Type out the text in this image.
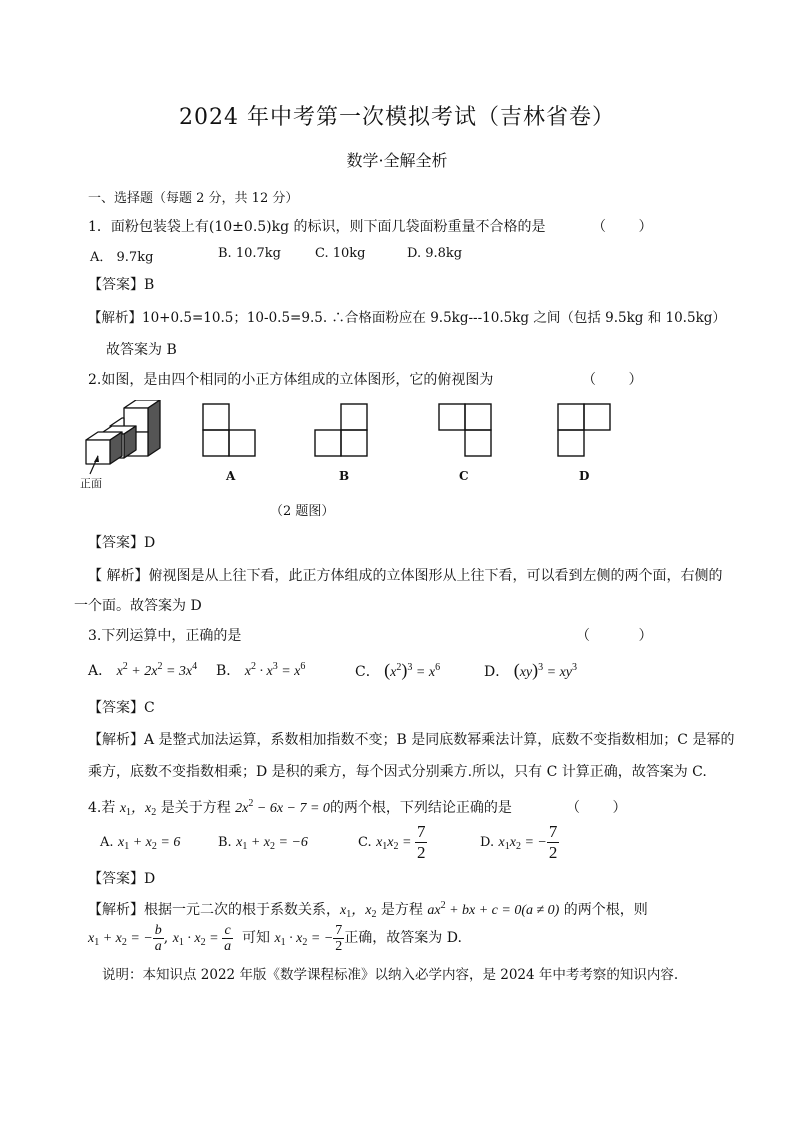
2024 年中考第一次模拟考试（吉林省卷）
数学·全解全析
一、选择题（每题 2 分，共 12 分）
1．面粉包装袋上有(10±0.5)kg 的标识，则下面几袋面粉重量不合格的是	（ ）
A． 9.7kg	B. 10.7kg	C. 10kg	D. 9.8kg
【答案】B
【解析】10+0.5=10.5；10-0.5=9.5. ∴合格面粉应在 9.5kg---10.5kg 之间（包括 9.5kg 和 10.5kg）
故答案为 B
2.如图，是由四个相同的小正方体组成的立体图形，它的俯视图为	（ ）
正面
A	B	C	D
（2 题图）
【答案】D
【 解析】俯视图是从上往下看，此正方体组成的立体图形从上往下看，可以看到左侧的两个面，右侧的
一个面。故答案为 D
3.下列运算中，正确的是	（ ）
A． $x^2 + 2x^2 = 3x^4$ B． $x^2 \cdot x^3 = x^6$	C． $(x^2)^3 = x^6$	D． $(xy)^3 = xy^3$
【答案】C
【解析】A 是整式加法运算，系数相加指数不变；B 是同底数幂乘法计算，底数不变指数相加；C 是幂的
乘方，底数不变指数相乘；D 是积的乘方，每个因式分别乘方.所以，只有 C 计算正确，故答案为 C.
4.若 $x_1$，$x_2$ 是关于方程 $2x^2 - 6x - 7 = 0$的两个根，下列结论正确的是	（ ）
A. $x_1 + x_2 = 6$	B. $x_1 + x_2 = -6$	C. $x_1x_2 = \frac{7}{2}$	D. $x_1x_2$ = − $\frac{7}{2}$
【答案】D
【解析】根据一元二次的根于系数关系，$x_1$，$x_2$ 是方程 $ax^2$ + bx + c = 0(a ≠ 0) 的两个根，则
$x_1 + x_2$ = − $\frac{b}{a}$ , $x_1 \cdot x_2 = \frac{c}{a}$ 可知 $x_1 \cdot x_2$ = − $\frac{7}{2}$ 正确，故答案为 D.
说明：本知识点 2022 年版《数学课程标准》以纳入必学内容，是 2024 年中考考察的知识内容.
